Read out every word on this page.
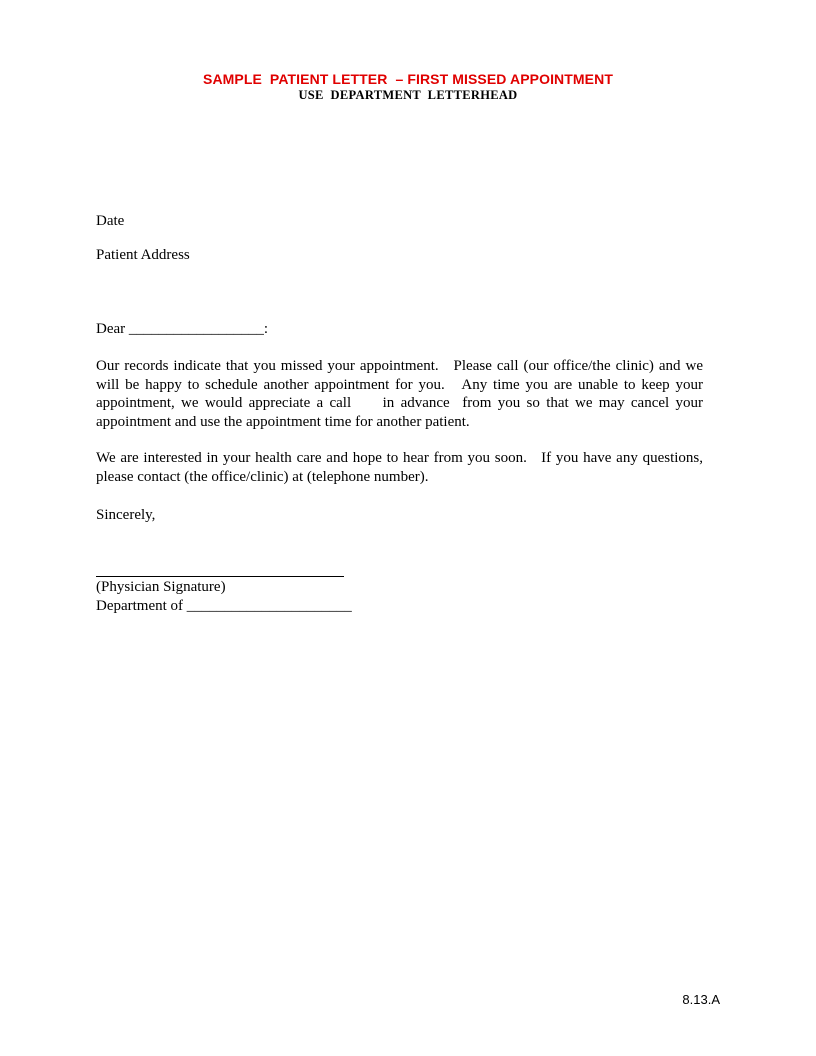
SAMPLE  PATIENT LETTER  – FIRST MISSED APPOINTMENT
USE  DEPARTMENT  LETTERHEAD
Date
Patient Address
Dear __________________:
Our records indicate that you missed your appointment.   Please call (our office/the clinic) and we
will be happy to schedule another appointment for you.   Any time you are unable to keep your
appointment, we would appreciate a call     in advance  from you so that we may cancel your
appointment and use the appointment time for another patient.
We are interested in your health care and hope to hear from you soon.   If you have any questions,
please contact (the office/clinic) at (telephone number).
Sincerely,
(Physician Signature)
Department of ______________________
8.13.A
